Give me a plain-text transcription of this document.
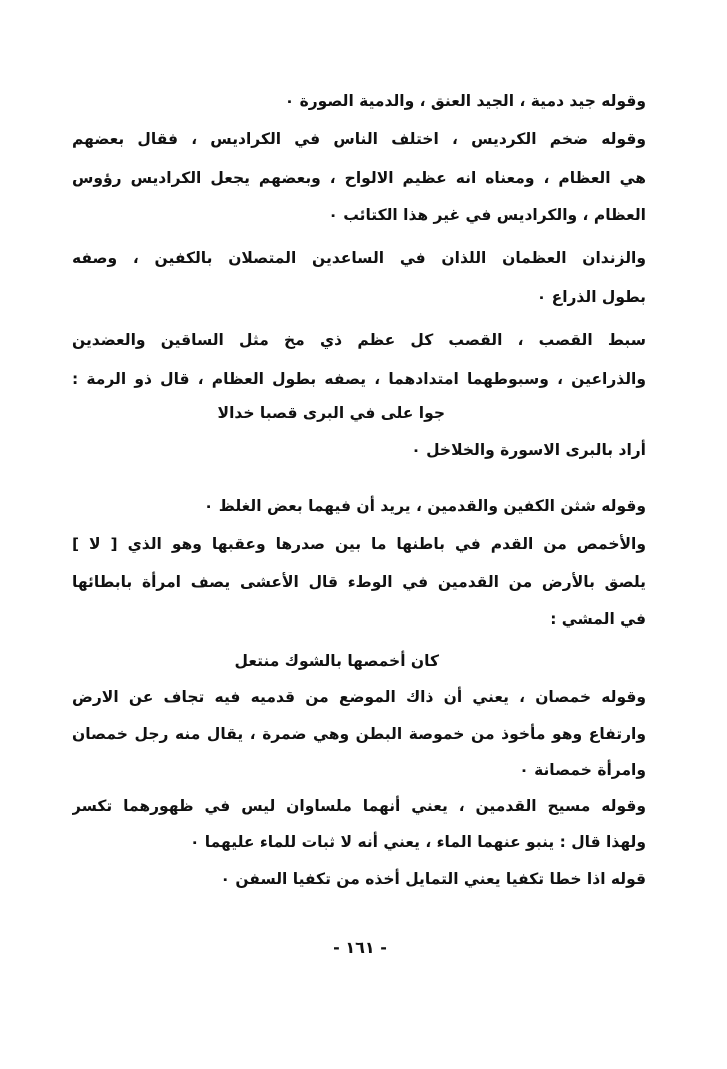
وقوله جيد دمية ، الجيد العنق ، والدمية الصورة ٠
وقوله ضخم الكرديس ، اختلف الناس في الكراديس ، فقال بعضهم
هي العظام ، ومعناه انه عظيم الالواح ، وبعضهم يجعل الكراديس رؤوس
العظام ، والكراديس في غير هذا الكتائب ٠
والزندان العظمان اللذان في الساعدين المتصلان بالكفين ، وصفه
بطول الذراع ٠
سبط القصب ، القصب كل عظم ذي مخ مثل الساقين والعضدين
والذراعين ، وسبوطهما امتدادهما ، يصفه بطول العظام ، قال ذو الرمة :
جوا على في البرى قصبا خدالا
أراد بالبرى الاسورة والخلاخل ٠
وقوله شثن الكفين والقدمين ، يريد أن فيهما بعض الغلظ ٠
والأخمص من القدم في باطنها ما بين صدرها وعقبها وهو الذي [ لا ]
يلصق بالأرض من القدمين في الوطء قال الأعشى يصف امرأة بابطائها
في المشي :
كان أخمصها بالشوك منتعل
وقوله خمصان ، يعني أن ذاك الموضع من قدميه فيه تجاف عن الارض
وارتفاع وهو مأخوذ من خموصة البطن وهي ضمرة ، يقال منه رجل خمصان
وامرأة خمصانة ٠
وقوله مسيح القدمين ، يعني أنهما ملساوان ليس في ظهورهما تكسر
ولهذا قال : ينبو عنهما الماء ، يعني أنه لا ثبات للماء عليهما ٠
قوله اذا خطا تكفيا يعني التمايل أخذه من تكفيا السفن ٠
- ١٦١ -
